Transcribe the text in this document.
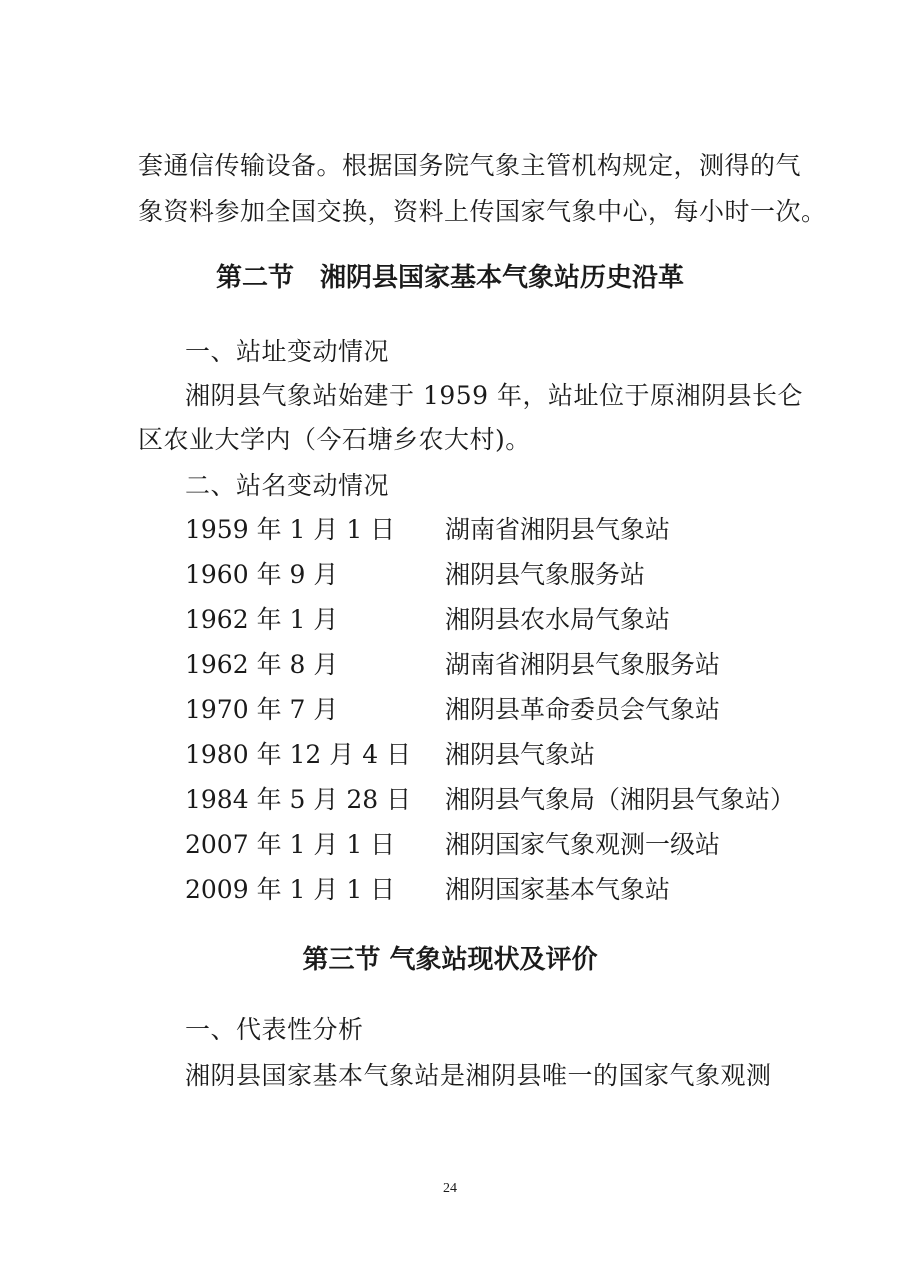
套通信传输设备。根据国务院气象主管机构规定，测得的气
象资料参加全国交换，资料上传国家气象中心，每小时一次。
第二节　湘阴县国家基本气象站历史沿革
一、站址变动情况
湘阴县气象站始建于 1959 年，站址位于原湘阴县长仑
区农业大学内（今石塘乡农大村)。
二、站名变动情况
1959 年 1 月 1 日 湖南省湘阴县气象站
1960 年 9 月	湘阴县气象服务站
1962 年 1 月	湘阴县农水局气象站
1962 年 8 月	湖南省湘阴县气象服务站
1970 年 7 月	湘阴县革命委员会气象站
1980 年 12 月 4 日 湘阴县气象站
1984 年 5 月 28 日 湘阴县气象局（湘阴县气象站）
2007 年 1 月 1 日 湘阴国家气象观测一级站
2009 年 1 月 1 日 湘阴国家基本气象站
第三节 气象站现状及评价
一、代表性分析
湘阴县国家基本气象站是湘阴县唯一的国家气象观测
24
